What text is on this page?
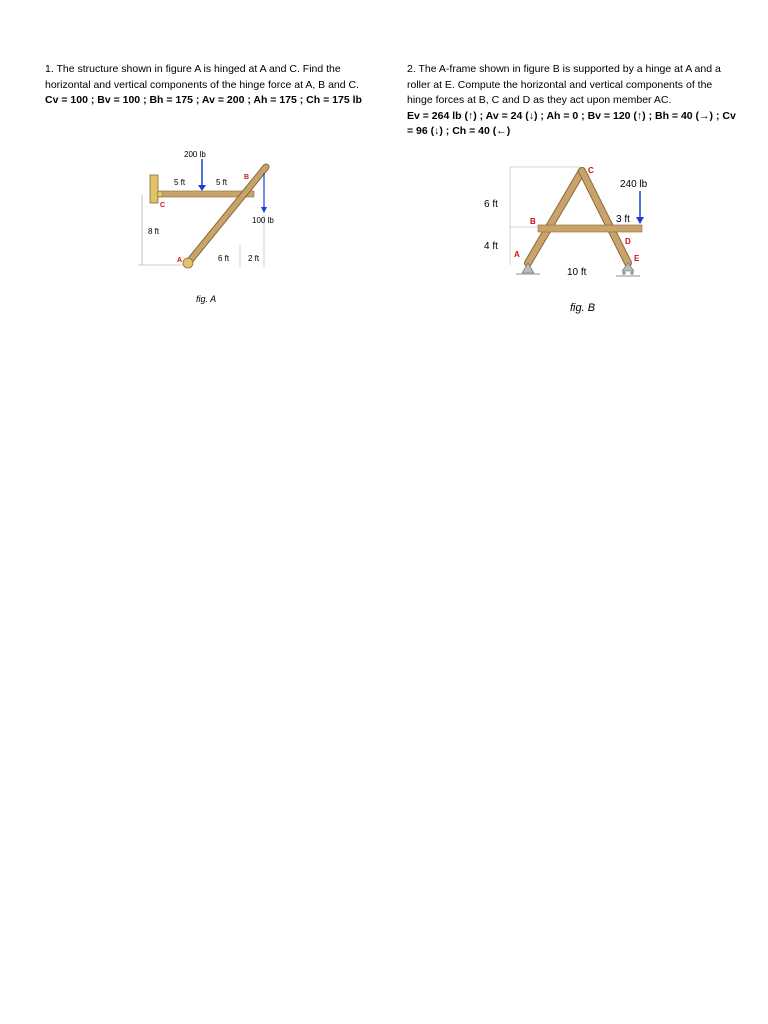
1. The structure shown in figure A is hinged at A and C. Find the horizontal and vertical components of the hinge force at A, B and C.
Cv = 100 ; Bv = 100 ; Bh = 175 ; Av = 200 ; Ah = 175 ; Ch = 175 lb
2. The A-frame shown in figure B is supported by a hinge at A and a roller at E. Compute the horizontal and vertical components of the hinge forces at B, C and D as they act upon member AC.
Ev = 264 lb (↑) ; Av = 24 (↓) ; Ah = 0 ; Bv = 120 (↑) ; Bh = 40 (→) ; Cv = 96 (↓) ; Ch = 40 (←)
200 lb
5 ft	5 ft
B
C
A
100 lb
8 ft
6 ft 2 ft
fig. A
C
240 lb
6 ft
B	3 ft
D
4 ft
A	E
10 ft
fig. B
